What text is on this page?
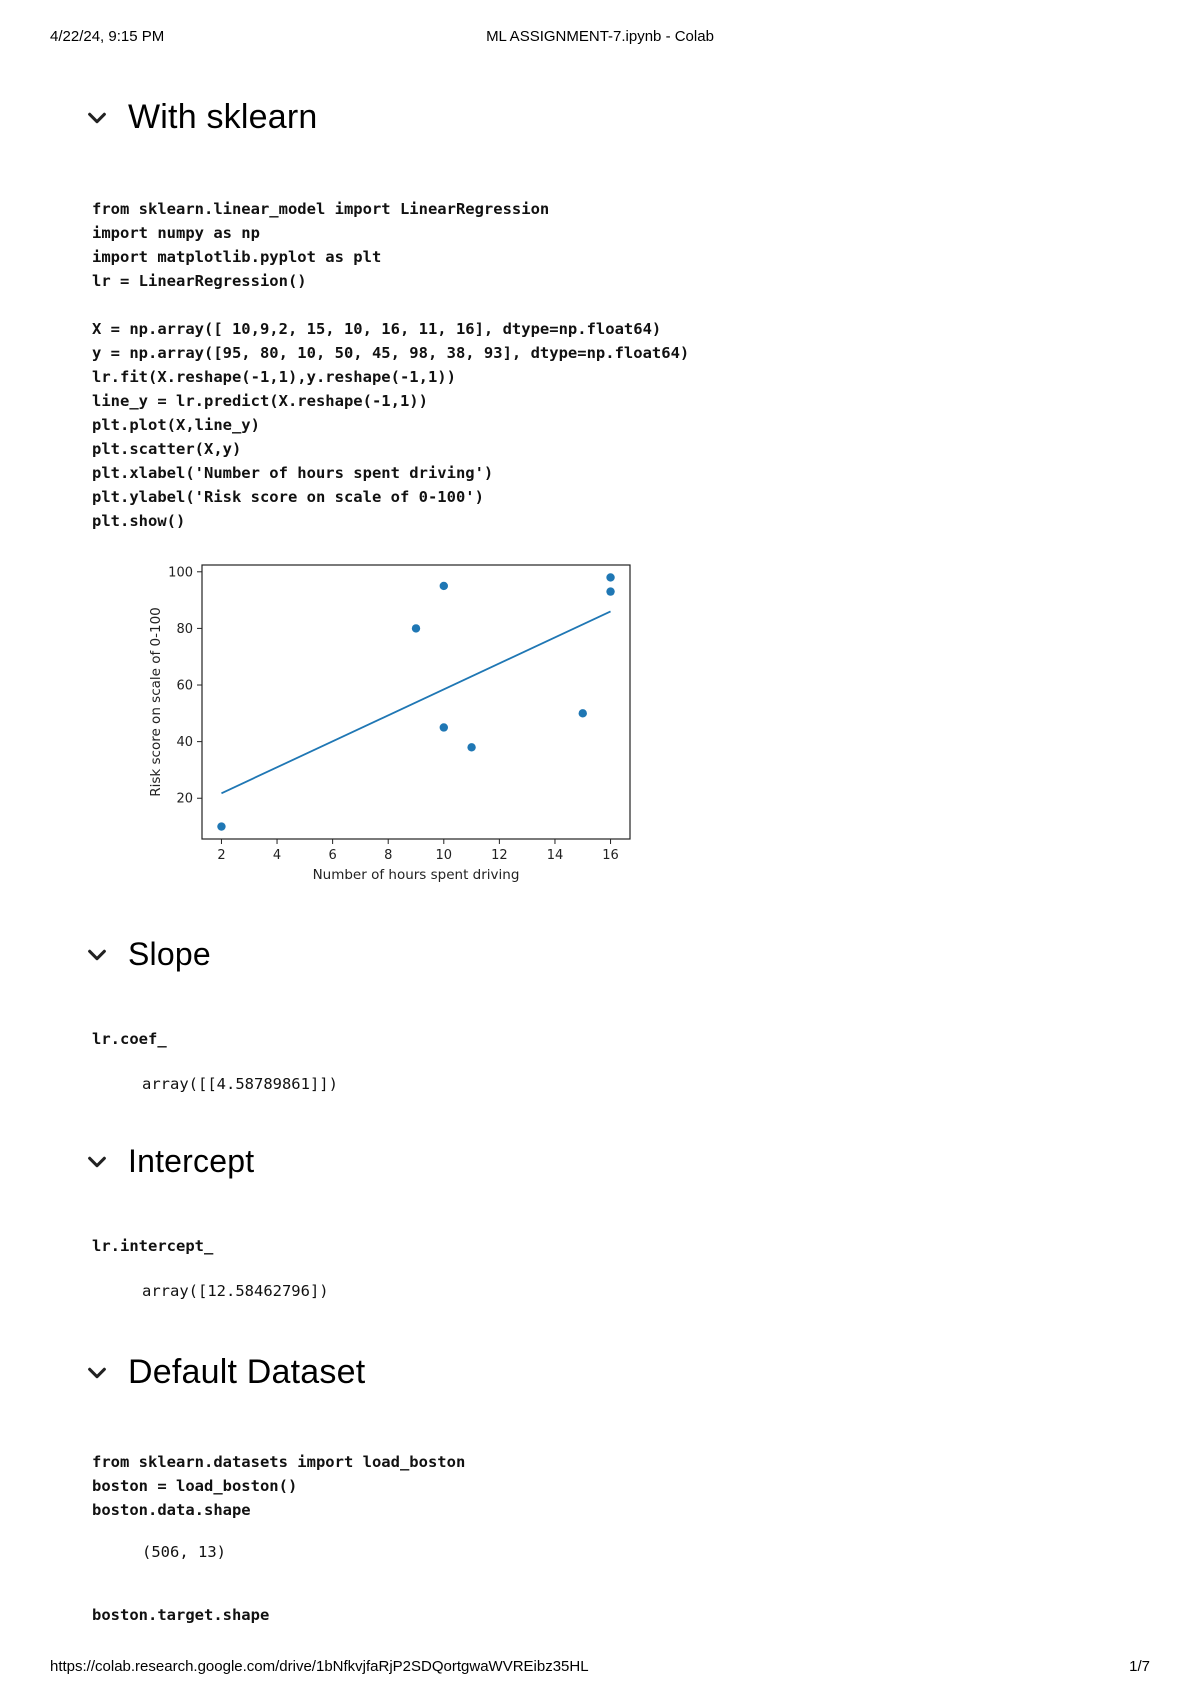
4/22/24, 9:15 PM	ML ASSIGNMENT-7.ipynb - Colab
With sklearn
from sklearn.linear_model import LinearRegression
import numpy as np
import matplotlib.pyplot as plt
lr = LinearRegression()

X = np.array([ 10,9,2, 15, 10, 16, 11, 16], dtype=np.float64)
y = np.array([95, 80, 10, 50, 45, 98, 38, 93], dtype=np.float64)
lr.fit(X.reshape(-1,1),y.reshape(-1,1))
line_y = lr.predict(X.reshape(-1,1))
plt.plot(X,line_y)
plt.scatter(X,y)
plt.xlabel('Number of hours spent driving')
plt.ylabel('Risk score on scale of 0-100')
plt.show()
Number of hours spent driving
Risk score on scale of 0-100
2	4	6	8	10	12	14	16
20
40
60
80
100
Slope
lr.coef_
array([[4.58789861]])
Intercept
lr.intercept_
array([12.58462796])
Default Dataset
from sklearn.datasets import load_boston
boston = load_boston()
boston.data.shape
(506, 13)
boston.target.shape
https://colab.research.google.com/drive/1bNfkvjfaRjP2SDQortgwaWVREibz35HL	1/7
